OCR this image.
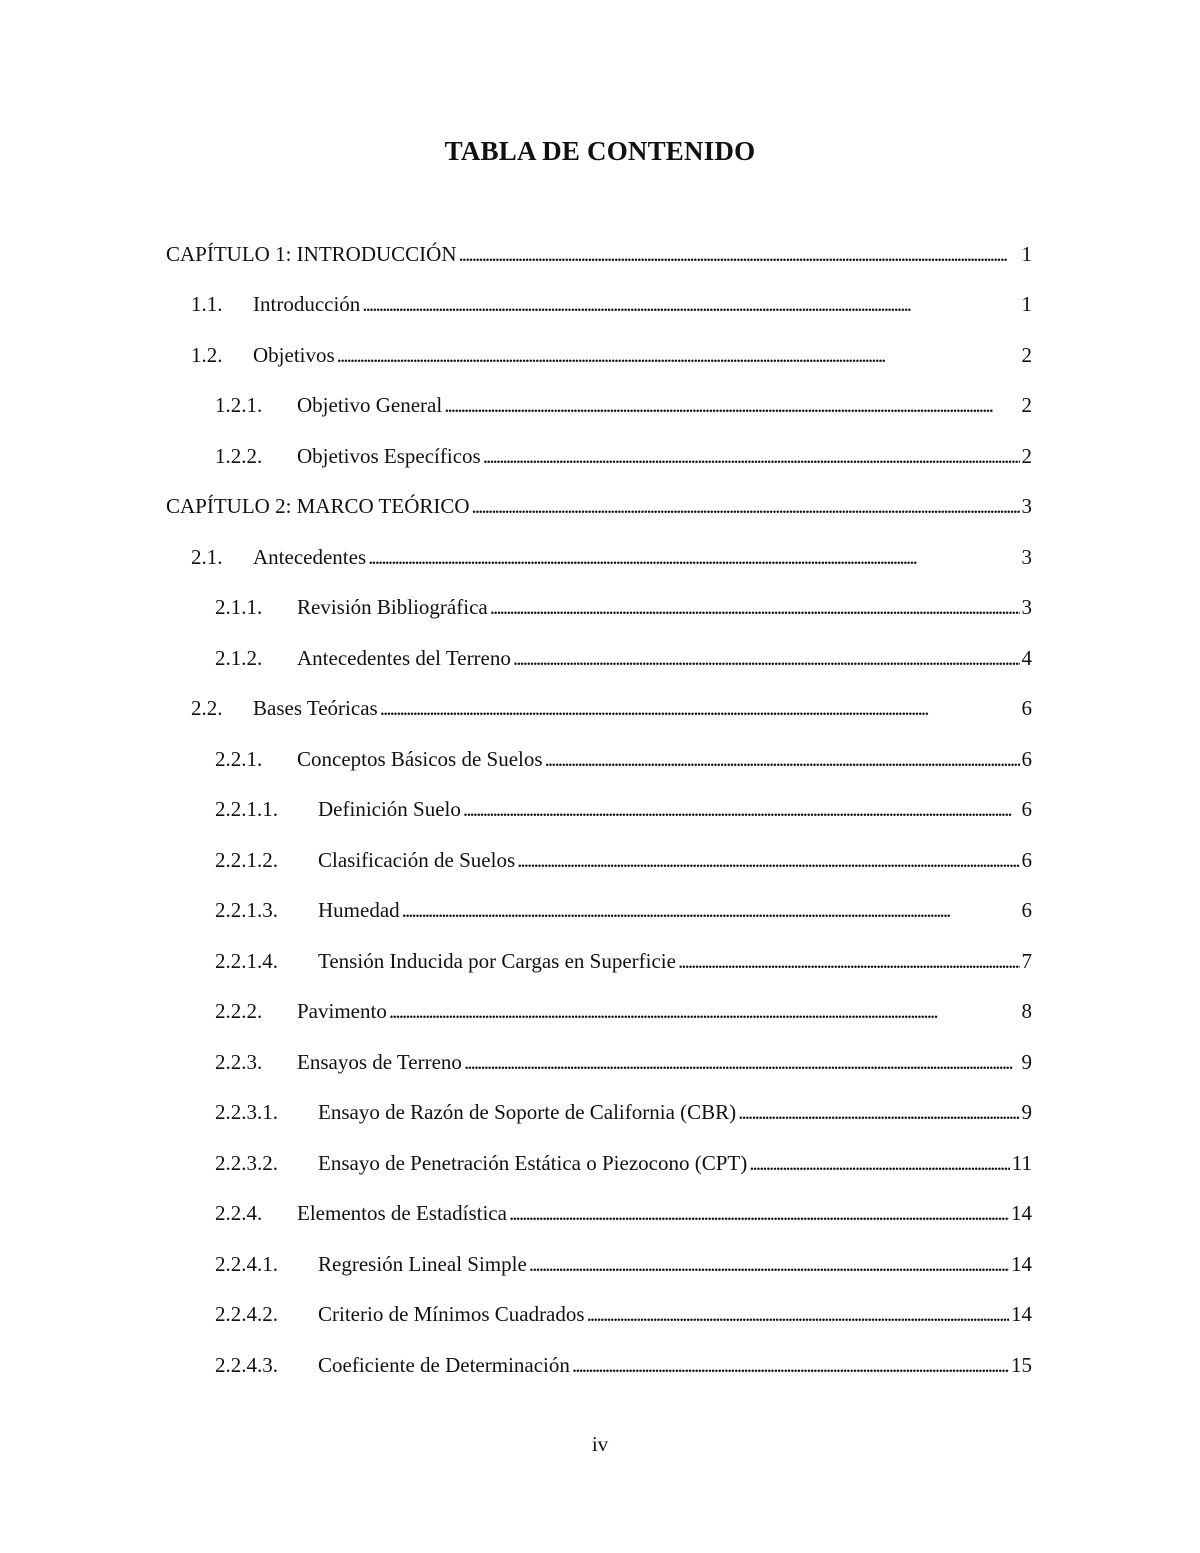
TABLA DE CONTENIDO
CAPÍTULO 1: INTRODUCCIÓN . . .	1
1.1.	Introducción . . .	1
1.2.	Objetivos . . .	2
1.2.1.	Objetivo General . . .	2
1.2.2.	Objetivos Específicos . . .	2
CAPÍTULO 2: MARCO TEÓRICO . . .	3
2.1.	Antecedentes . . .	3
2.1.1.	Revisión Bibliográfica . . .	3
2.1.2.	Antecedentes del Terreno . . .	4
2.2.	Bases Teóricas . . .	6
2.2.1.	Conceptos Básicos de Suelos . . .	6
2.2.1.1.	Definición Suelo . . .	6
2.2.1.2.	Clasificación de Suelos . . .	6
2.2.1.3.	Humedad . . .	6
2.2.1.4.	Tensión Inducida por Cargas en Superficie . . .	7
2.2.2.	Pavimento . . .	8
2.2.3.	Ensayos de Terreno . . .	9
2.2.3.1.	Ensayo de Razón de Soporte de California (CBR) . . .	9
2.2.3.2.	Ensayo de Penetración Estática o Piezocono (CPT) . . .	11
2.2.4.	Elementos de Estadística . . .	14
2.2.4.1.	Regresión Lineal Simple . . .	14
2.2.4.2.	Criterio de Mínimos Cuadrados . . .	14
2.2.4.3.	Coeficiente de Determinación . . .	15
iv
